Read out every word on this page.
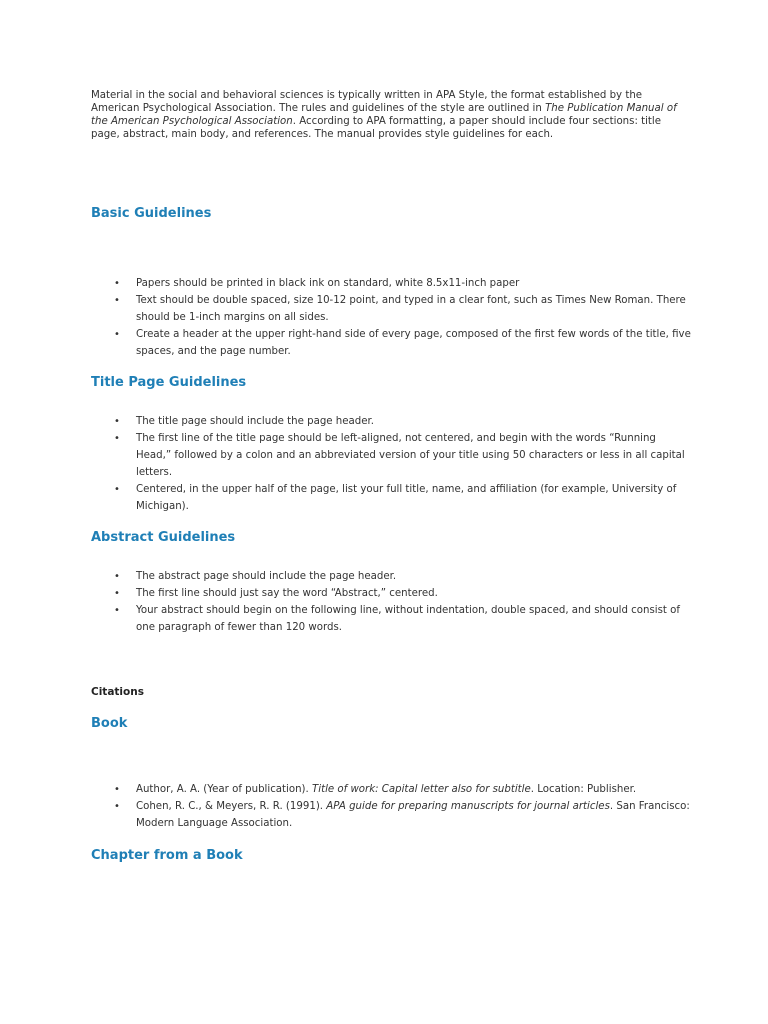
Material in the social and behavioral sciences is typically written in APA Style, the format established by the American Psychological Association. The rules and guidelines of the style are outlined in The Publication Manual of the American Psychological Association. According to APA formatting, a paper should include four sections: title page, abstract, main body, and references. The manual provides style guidelines for each.

Basic Guidelines
• Papers should be printed in black ink on standard, white 8.5x11-inch paper
• Text should be double spaced, size 10-12 point, and typed in a clear font, such as Times New Roman. There should be 1-inch margins on all sides.
• Create a header at the upper right-hand side of every page, composed of the first few words of the title, five spaces, and the page number.
Title Page Guidelines
• The title page should include the page header.
• The first line of the title page should be left-aligned, not centered, and begin with the words “Running Head,” followed by a colon and an abbreviated version of your title using 50 characters or less in all capital letters.
• Centered, in the upper half of the page, list your full title, name, and affiliation (for example, University of Michigan).
Abstract Guidelines
• The abstract page should include the page header.
• The first line should just say the word “Abstract,” centered.
• Your abstract should begin on the following line, without indentation, double spaced, and should consist of one paragraph of fewer than 120 words.
Citations
Book
• Author, A. A. (Year of publication). Title of work: Capital letter also for subtitle. Location: Publisher.
• Cohen, R. C., & Meyers, R. R. (1991). APA guide for preparing manuscripts for journal articles. San Francisco: Modern Language Association.
Chapter from a Book
